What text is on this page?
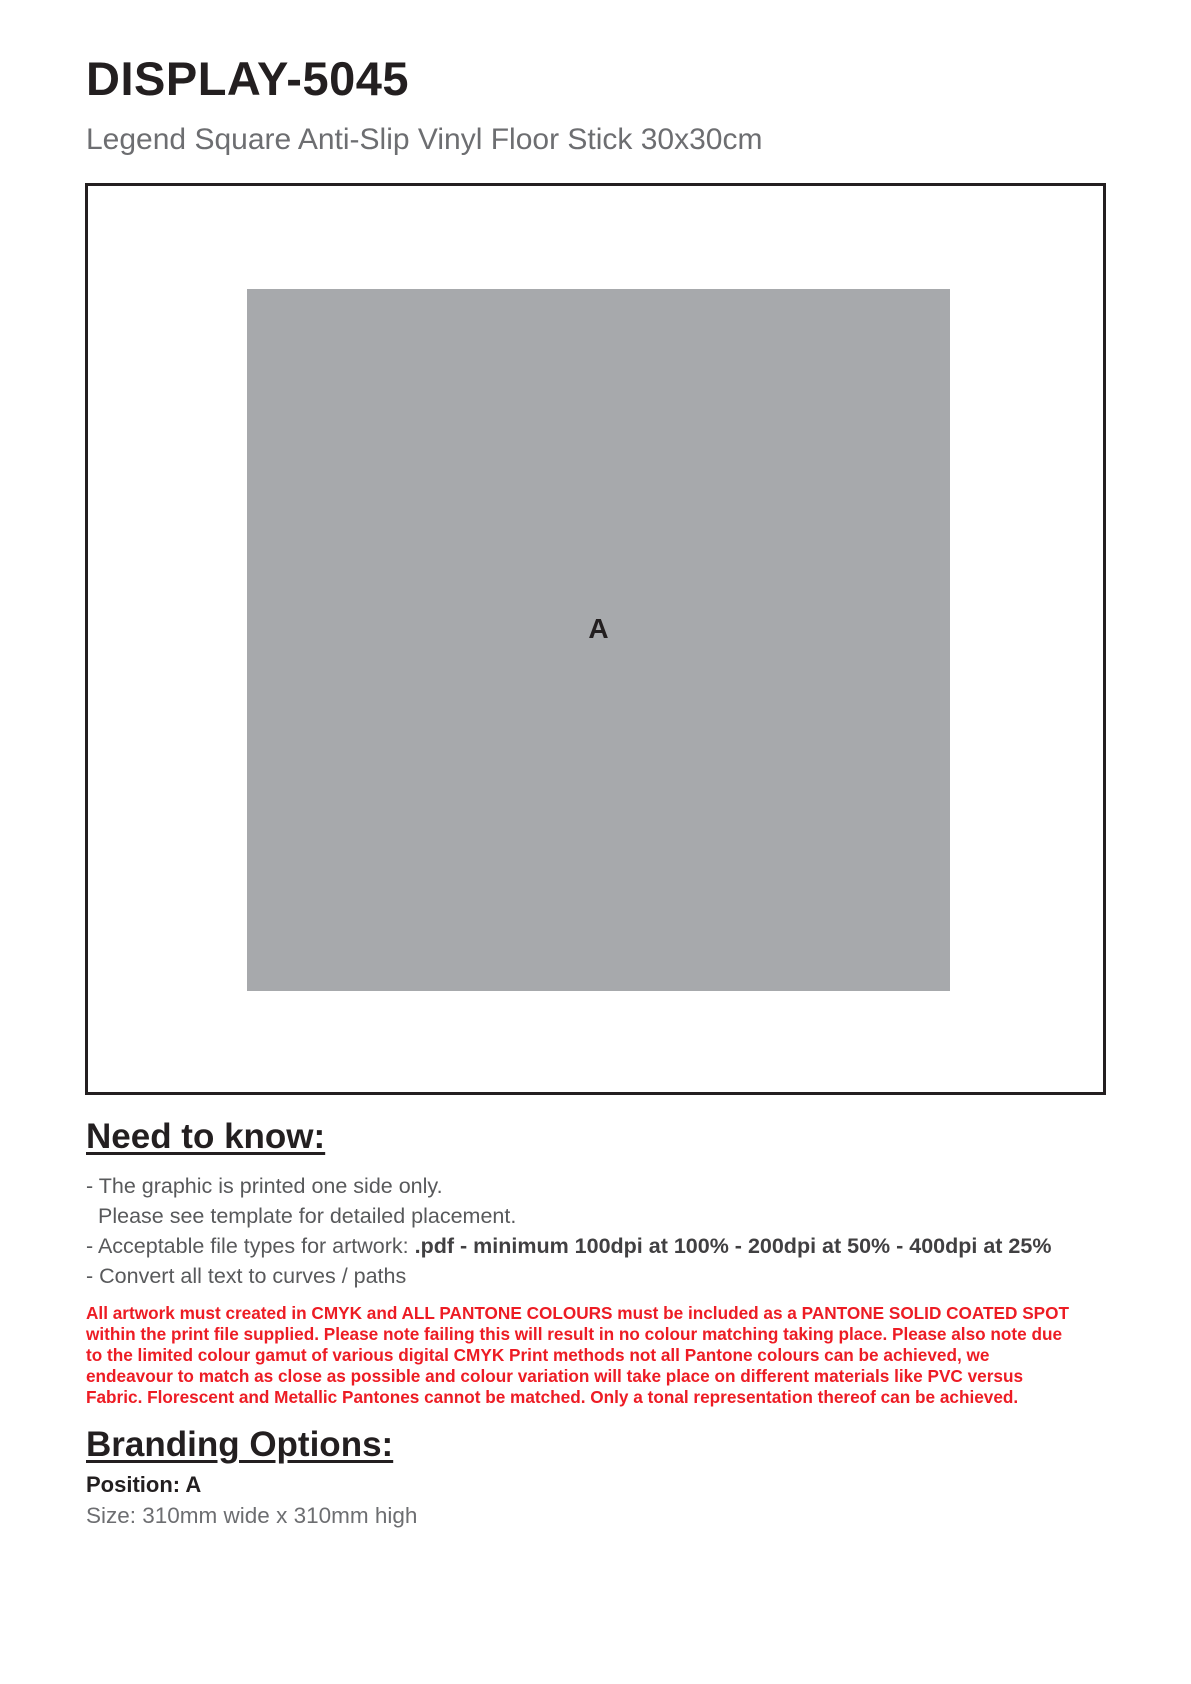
DISPLAY-5045
Legend Square Anti-Slip Vinyl Floor Stick 30x30cm
A
Need to know:
- The graphic is printed one side only.
Please see template for detailed placement.
- Acceptable file types for artwork: .pdf - minimum 100dpi at 100% - 200dpi at 50% - 400dpi at 25%
- Convert all text to curves / paths
All artwork must created in CMYK and ALL PANTONE COLOURS must be included as a PANTONE SOLID COATED SPOT
within the print file supplied. Please note failing this will result in no colour matching taking place. Please also note due
to the limited colour gamut of various digital CMYK Print methods not all Pantone colours can be achieved, we
endeavour to match as close as possible and colour variation will take place on different materials like PVC versus
Fabric. Florescent and Metallic Pantones cannot be matched. Only a tonal representation thereof can be achieved.
Branding Options:
Position: A
Size: 310mm wide x 310mm high
